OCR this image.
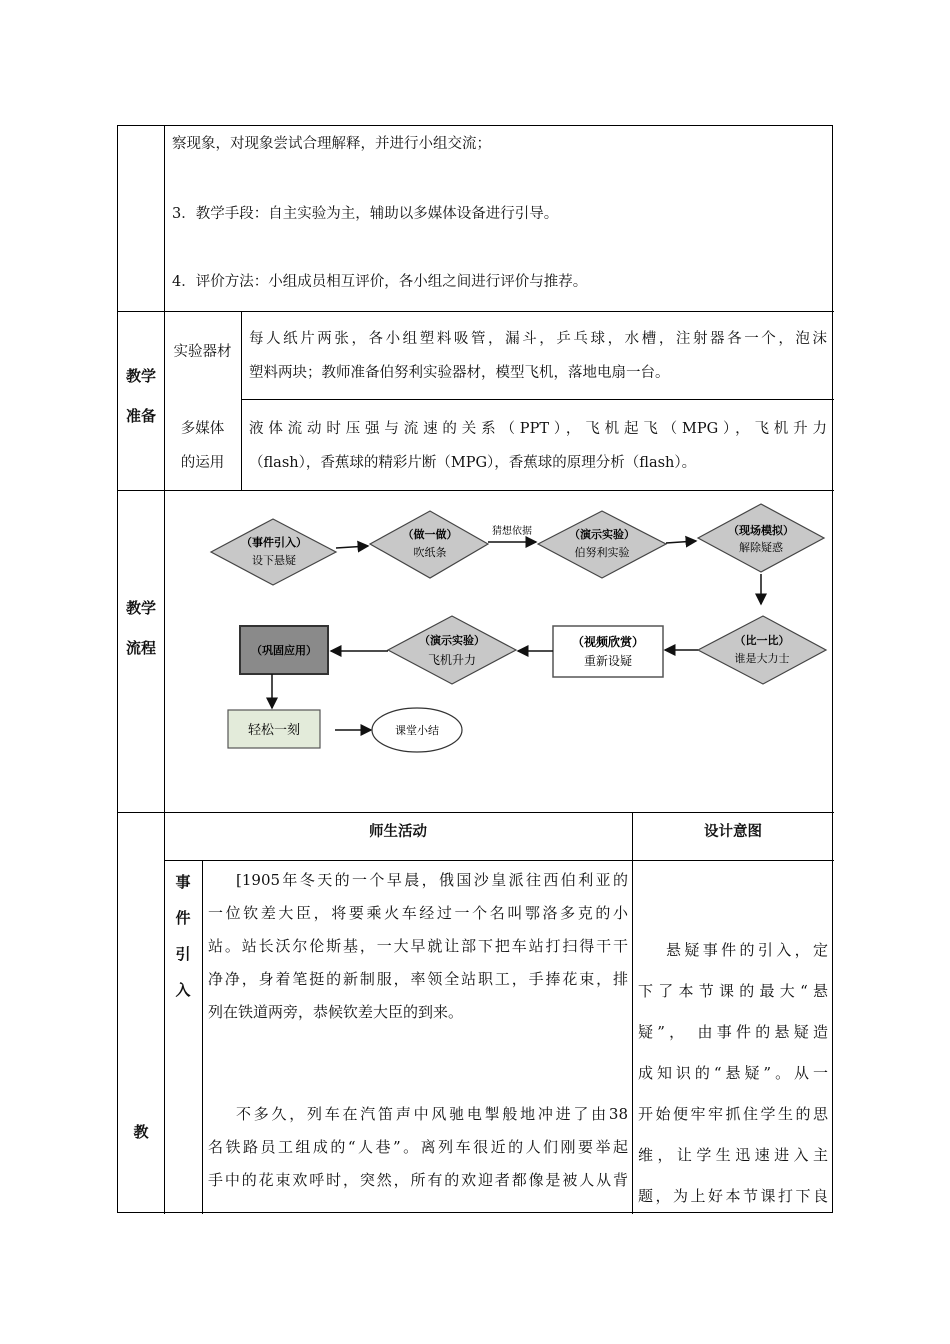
察现象，对现象尝试合理解释，并进行小组交流；
3．教学手段：自主实验为主，辅助以多媒体设备进行引导。
4．评价方法：小组成员相互评价，各小组之间进行评价与推荐。
教学
准备
实验器材
每人纸片两张，各小组塑料吸管，漏斗，乒乓球，水槽，注射器各一个，泡沫
塑料两块；教师准备伯努利实验器材，模型飞机，落地电扇一台。
多媒体
的运用
液体流动时压强与流速的关系（PPT），飞机起飞（MPG），飞机升力
（flash），香蕉球的精彩片断（MPG），香蕉球的原理分析（flash）。
教学
流程
（事件引入）
设下悬疑
（做一做）
吹纸条
（演示实验）
伯努利实验
（现场模拟）
解除疑惑
猜想依据
（比一比）
谁是大力士
（视频欣赏）
重新设疑
（演示实验）
飞机升力
（巩固应用）
轻松一刻	课堂小结
师生活动	设计意图
教
事
件
引
入
[1905年冬天的一个早晨，俄国沙皇派往西伯利亚的
一位钦差大臣，将要乘火车经过一个名叫鄂洛多克的小
站。站长沃尔伦斯基，一大早就让部下把车站打扫得干干
净净，身着笔挺的新制服，率领全站职工，手捧花束，排
列在铁道两旁，恭候钦差大臣的到来。
不多久，列车在汽笛声中风驰电掣般地冲进了由38
名铁路员工组成的“人巷”。离列车很近的人们刚要举起
手中的花束欢呼时，突然，所有的欢迎者都像是被人从背
悬疑事件的引入，定
下了本节课的最大“悬
疑”， 由事件的悬疑造
成知识的“悬疑”。从一
开始便牢牢抓住学生的思
维，让学生迅速进入主
题，为上好本节课打下良
